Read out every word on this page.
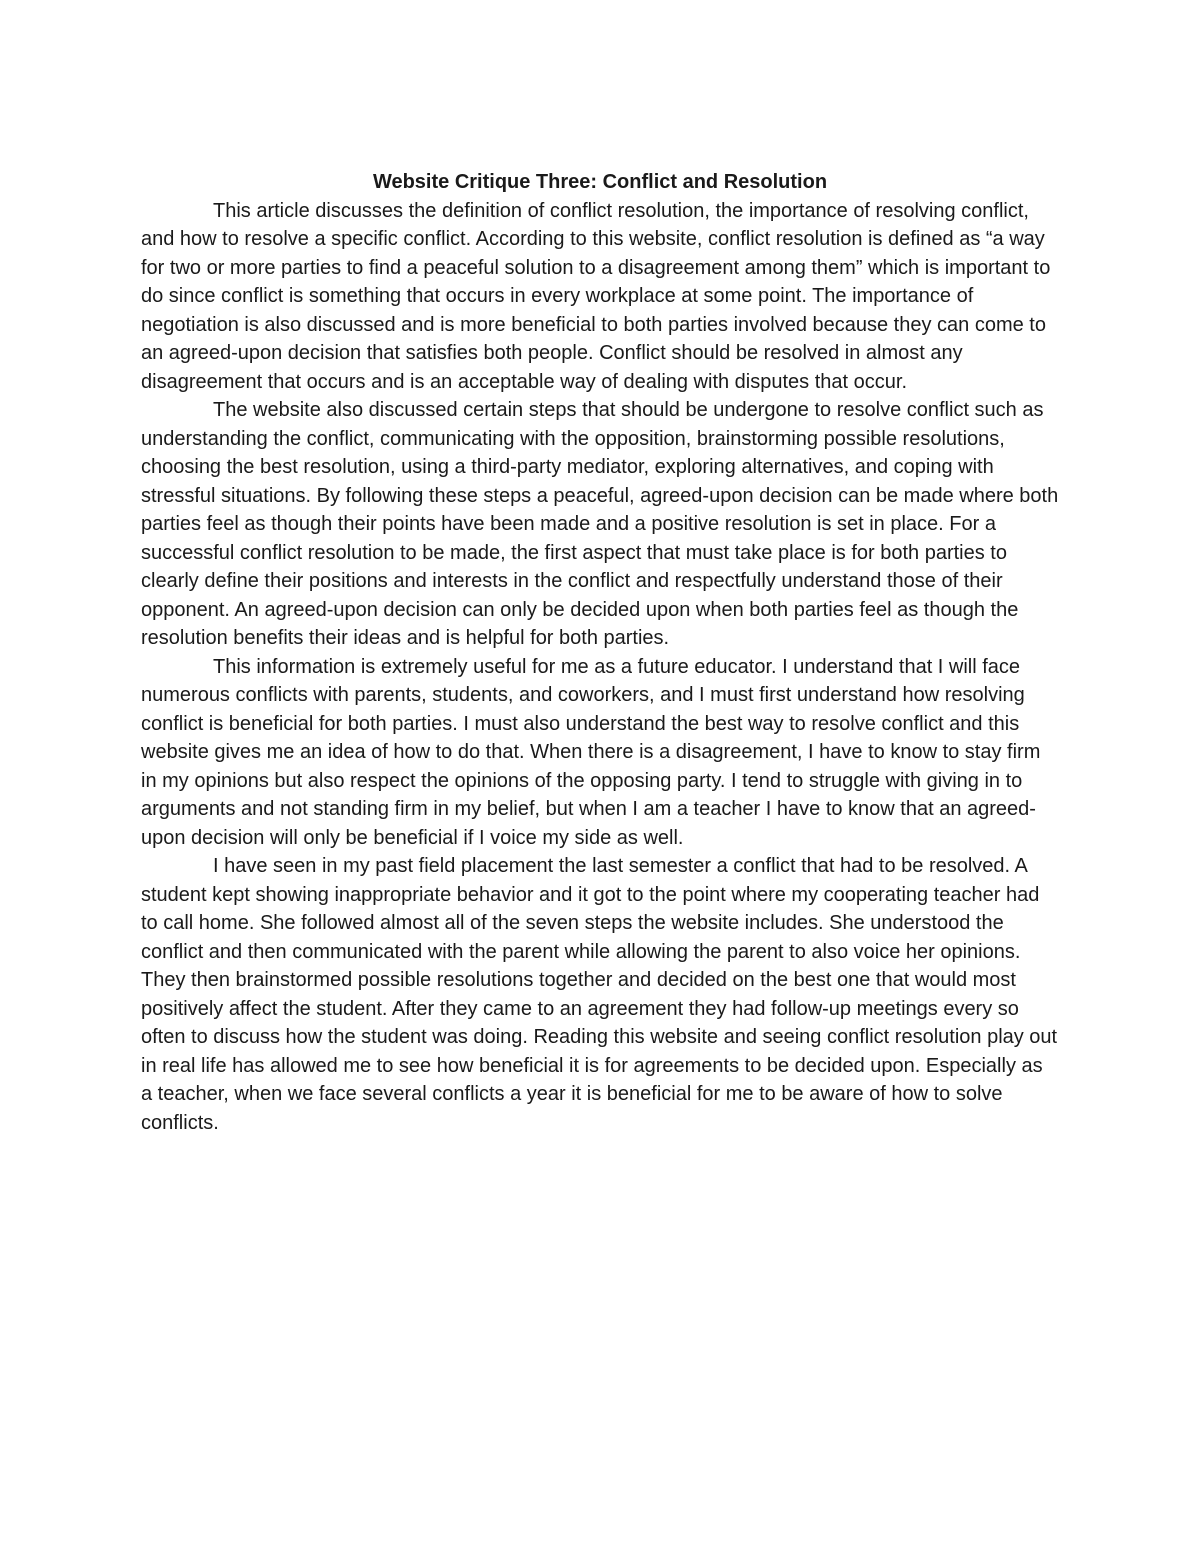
Website Critique Three: Conflict and Resolution

This article discusses the definition of conflict resolution, the importance of resolving conflict, and how to resolve a specific conflict. According to this website, conflict resolution is defined as “a way for two or more parties to find a peaceful solution to a disagreement among them” which is important to do since conflict is something that occurs in every workplace at some point. The importance of negotiation is also discussed and is more beneficial to both parties involved because they can come to an agreed-upon decision that satisfies both people. Conflict should be resolved in almost any disagreement that occurs and is an acceptable way of dealing with disputes that occur.

The website also discussed certain steps that should be undergone to resolve conflict such as understanding the conflict, communicating with the opposition, brainstorming possible resolutions, choosing the best resolution, using a third-party mediator, exploring alternatives, and coping with stressful situations. By following these steps a peaceful, agreed-upon decision can be made where both parties feel as though their points have been made and a positive resolution is set in place. For a successful conflict resolution to be made, the first aspect that must take place is for both parties to clearly define their positions and interests in the conflict and respectfully understand those of their opponent. An agreed-upon decision can only be decided upon when both parties feel as though the resolution benefits their ideas and is helpful for both parties.

This information is extremely useful for me as a future educator. I understand that I will face numerous conflicts with parents, students, and coworkers, and I must first understand how resolving conflict is beneficial for both parties. I must also understand the best way to resolve conflict and this website gives me an idea of how to do that. When there is a disagreement, I have to know to stay firm in my opinions but also respect the opinions of the opposing party. I tend to struggle with giving in to arguments and not standing firm in my belief, but when I am a teacher I have to know that an agreed-upon decision will only be beneficial if I voice my side as well.

I have seen in my past field placement the last semester a conflict that had to be resolved. A student kept showing inappropriate behavior and it got to the point where my cooperating teacher had to call home. She followed almost all of the seven steps the website includes. She understood the conflict and then communicated with the parent while allowing the parent to also voice her opinions. They then brainstormed possible resolutions together and decided on the best one that would most positively affect the student. After they came to an agreement they had follow-up meetings every so often to discuss how the student was doing. Reading this website and seeing conflict resolution play out in real life has allowed me to see how beneficial it is for agreements to be decided upon. Especially as a teacher, when we face several conflicts a year it is beneficial for me to be aware of how to solve conflicts.
